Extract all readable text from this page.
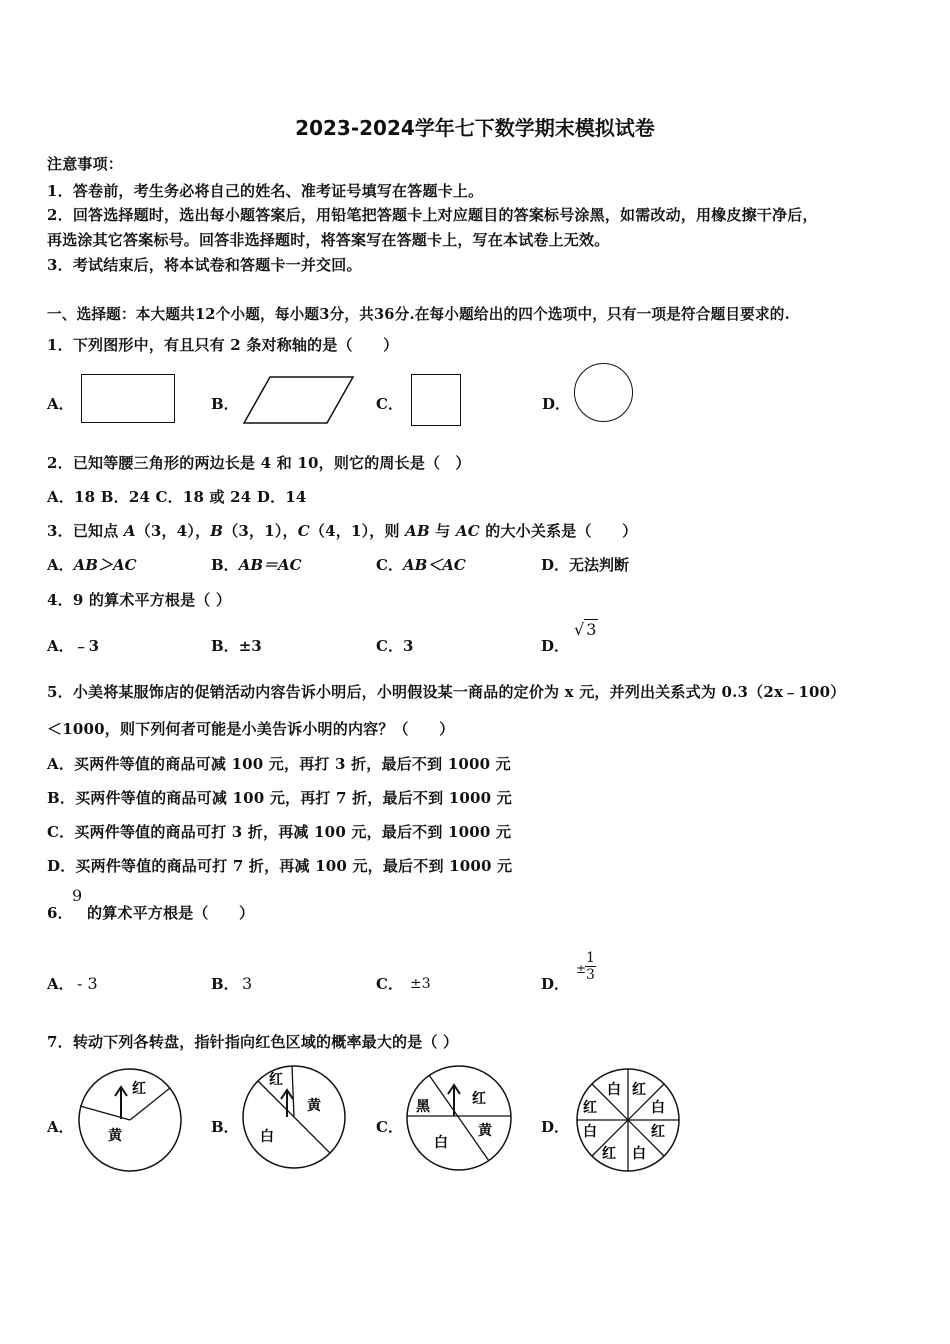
2023-2024学年七下数学期末模拟试卷
注意事项：
1．答卷前，考生务必将自己的姓名、准考证号填写在答题卡上。
2．回答选择题时，选出每小题答案后，用铅笔把答题卡上对应题目的答案标号涂黑，如需改动，用橡皮擦干净后，
再选涂其它答案标号。回答非选择题时，将答案写在答题卡上，写在本试卷上无效。
3．考试结束后，将本试卷和答题卡一并交回。
一、选择题：本大题共12个小题，每小题3分，共36分.在每小题给出的四个选项中，只有一项是符合题目要求的.
1．下列图形中，有且只有 2 条对称轴的是（　　）
A．	B．	C．	D．
2．已知等腰三角形的两边长是 4 和 10，则它的周长是（　）
A．18 B．24 C．18 或 24 D．14
3．已知点 A（3，4），B（3，1），C（4，1），则 AB 与 AC 的大小关系是（　　）
A．AB＞AC	B．AB＝AC	C．AB＜AC	D．无法判断
4．9 的算术平方根是（ ）
A．﹣3	B．±3	C．3	D．
√ 3
5．小美将某服饰店的促销活动内容告诉小明后，小明假设某一商品的定价为 x 元，并列出关系式为 0.3（2x﹣100）
＜1000，则下列何者可能是小美告诉小明的内容？（　　）
A．买两件等值的商品可减 100 元，再打 3 折，最后不到 1000 元
B．买两件等值的商品可减 100 元，再打 7 折，最后不到 1000 元
C．买两件等值的商品可打 3 折，再减 100 元，最后不到 1000 元
D．买两件等值的商品可打 7 折，再减 100 元，最后不到 1000 元
6．
9
的算术平方根是（　　）
A． - 3	B． 3	C． ±3	D．
±
$\frac{1}{3}$
7．转动下列各转盘，指针指向红色区域的概率最大的是（ ）
A．
红
黄	B．
红
黄
白
C．
黑	红
黄
白
D．
白 红
白
红
白
红
白
红
